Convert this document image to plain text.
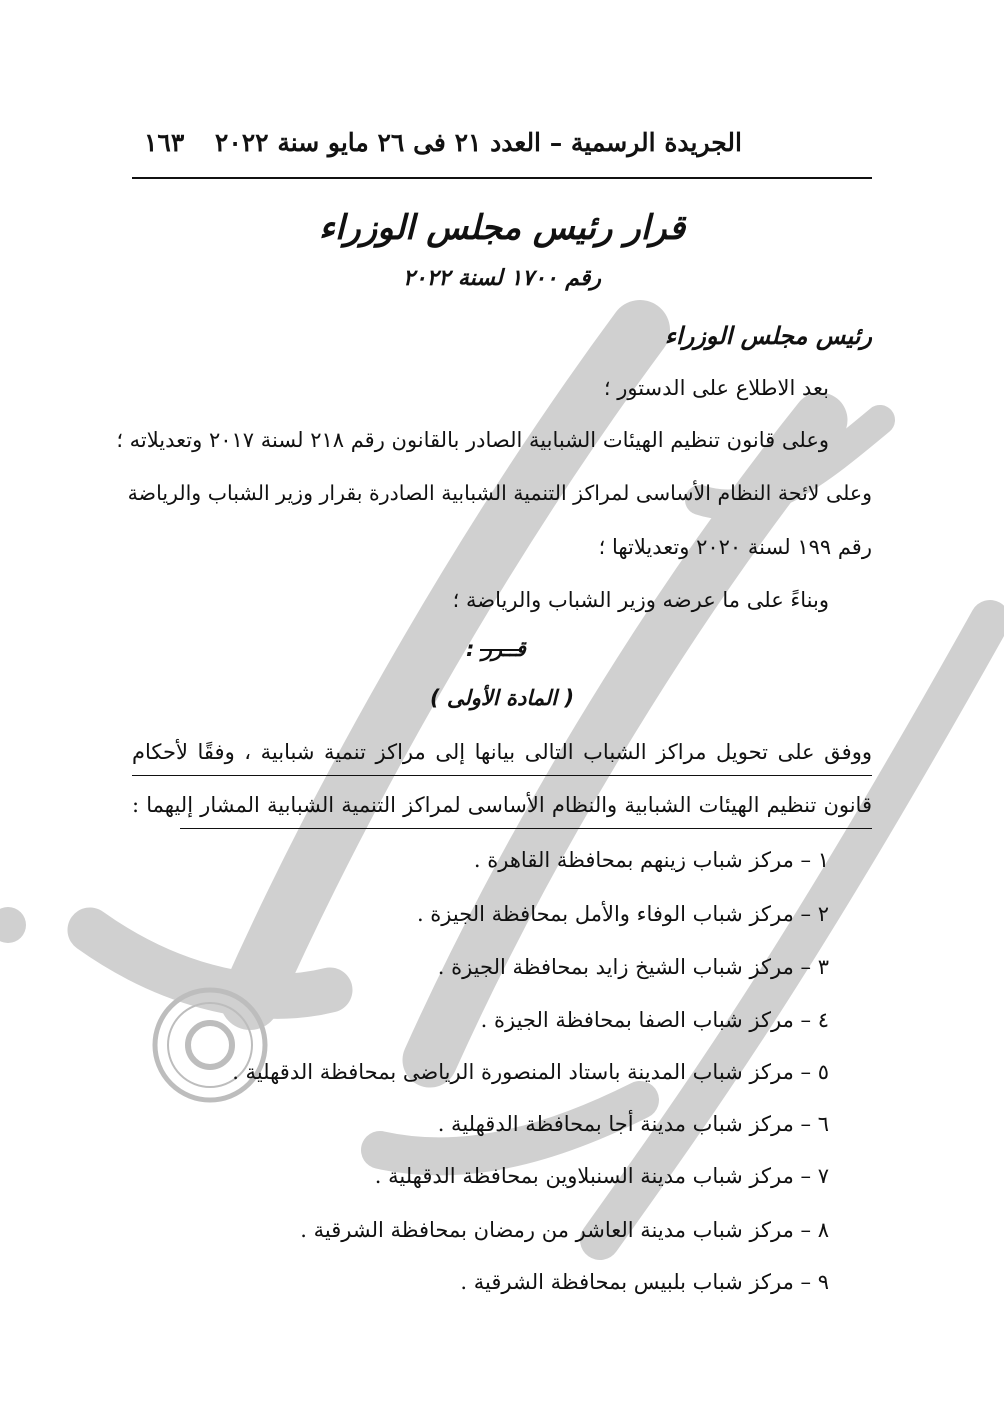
١٦٣ الجريدة الرسمية – العدد ٢١ فى ٢٦ مايو سنة ٢٠٢٢
قرار رئيس مجلس الوزراء
رقم ١٧٠٠ لسنة ٢٠٢٢
رئيس مجلس الوزراء
بعد الاطلاع على الدستور ؛
وعلى قانون تنظيم الهيئات الشبابية الصادر بالقانون رقم ٢١٨ لسنة ٢٠١٧ وتعديلاته ؛
وعلى لائحة النظام الأساسى لمراكز التنمية الشبابية الصادرة بقرار وزير الشباب والرياضة
رقم ١٩٩ لسنة ٢٠٢٠ وتعديلاتها ؛
وبناءً على ما عرضه وزير الشباب والرياضة ؛
قــرر :
( المادة الأولى )
ووفق على تحويل مراكز الشباب التالى بيانها إلى مراكز تنمية شبابية ، وفقًا لأحكام
قانون تنظيم الهيئات الشبابية والنظام الأساسى لمراكز التنمية الشبابية المشار إليهما :
١ – مركز شباب زينهم بمحافظة القاهرة .
٢ – مركز شباب الوفاء والأمل بمحافظة الجيزة .
٣ – مركز شباب الشيخ زايد بمحافظة الجيزة .
٤ – مركز شباب الصفا بمحافظة الجيزة .
٥ – مركز شباب المدينة باستاد المنصورة الرياضى بمحافظة الدقهلية .
٦ – مركز شباب مدينة أجا بمحافظة الدقهلية .
٧ – مركز شباب مدينة السنبلاوين بمحافظة الدقهلية .
٨ – مركز شباب مدينة العاشر من رمضان بمحافظة الشرقية .
٩ – مركز شباب بلبيس بمحافظة الشرقية .
